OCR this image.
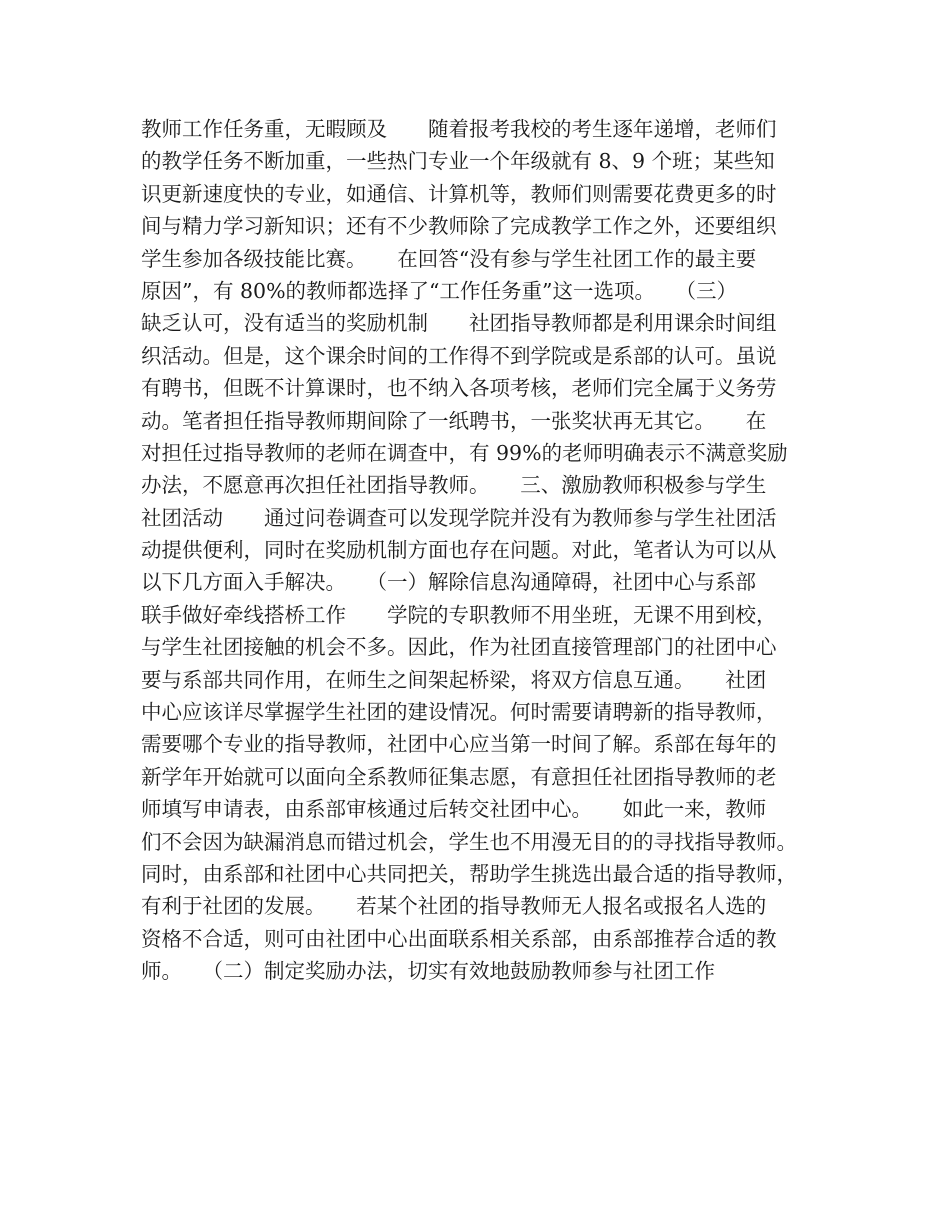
教师工作任务重，无暇顾及　　随着报考我校的考生逐年递增，老师们
的教学任务不断加重，一些热门专业一个年级就有 8、9 个班；某些知
识更新速度快的专业，如通信、计算机等，教师们则需要花费更多的时
间与精力学习新知识；还有不少教师除了完成教学工作之外，还要组织
学生参加各级技能比赛。　　在回答“没有参与学生社团工作的最主要
原因”，有 80%的教师都选择了“工作任务重”这一选项。　　（三）
缺乏认可，没有适当的奖励机制　　社团指导教师都是利用课余时间组
织活动。但是，这个课余时间的工作得不到学院或是系部的认可。虽说
有聘书，但既不计算课时，也不纳入各项考核，老师们完全属于义务劳
动。笔者担任指导教师期间除了一纸聘书，一张奖状再无其它。　　在
对担任过指导教师的老师在调查中，有 99%的老师明确表示不满意奖励
办法，不愿意再次担任社团指导教师。　　三、激励教师积极参与学生
社团活动　　通过问卷调查可以发现学院并没有为教师参与学生社团活
动提供便利，同时在奖励机制方面也存在问题。对此，笔者认为可以从
以下几方面入手解决。　　（一）解除信息沟通障碍，社团中心与系部
联手做好牵线搭桥工作　　学院的专职教师不用坐班，无课不用到校，
与学生社团接触的机会不多。因此，作为社团直接管理部门的社团中心
要与系部共同作用，在师生之间架起桥梁，将双方信息互通。　　社团
中心应该详尽掌握学生社团的建设情况。何时需要请聘新的指导教师，
需要哪个专业的指导教师，社团中心应当第一时间了解。系部在每年的
新学年开始就可以面向全系教师征集志愿，有意担任社团指导教师的老
师填写申请表，由系部审核通过后转交社团中心。　　如此一来，教师
们不会因为缺漏消息而错过机会，学生也不用漫无目的的寻找指导教师。
同时，由系部和社团中心共同把关，帮助学生挑选出最合适的指导教师，
有利于社团的发展。　　若某个社团的指导教师无人报名或报名人选的
资格不合适，则可由社团中心出面联系相关系部，由系部推荐合适的教
师。　　（二）制定奖励办法，切实有效地鼓励教师参与社团工作
